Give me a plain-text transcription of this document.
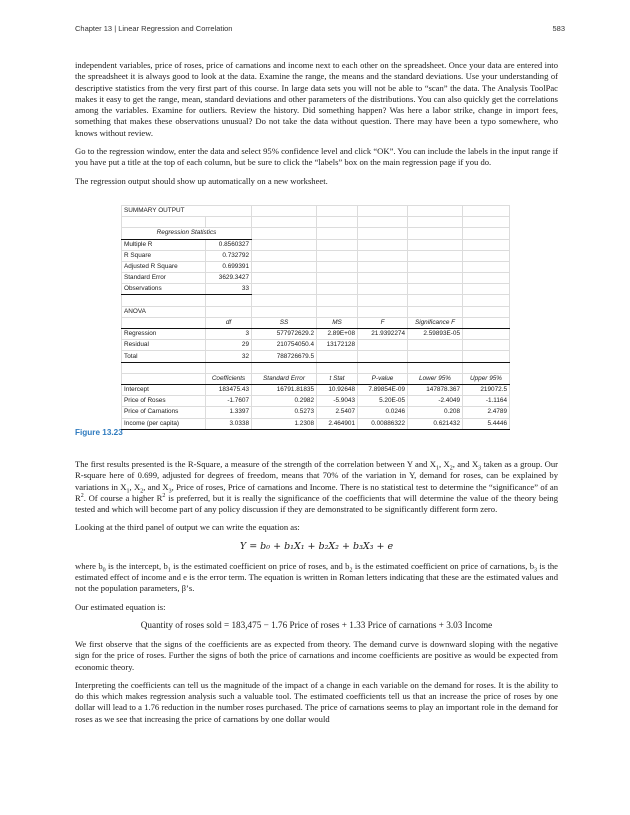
Chapter 13 | Linear Regression and Correlation	583

independent variables, price of roses, price of carnations and income next to each other on the spreadsheet. Once your data are entered into the spreadsheet it is always good to look at the data. Examine the range, the means and the standard deviations. Use your understanding of descriptive statistics from the very first part of this course. In large data sets you will not be able to “scan” the data. The Analysis ToolPac makes it easy to get the range, mean, standard deviations and other parameters of the distributions. You can also quickly get the correlations among the variables. Examine for outliers. Review the history. Did something happen? Was here a labor strike, change in import fees, something that makes these observations unusual? Do not take the data without question. There may have been a typo somewhere, who knows without review.

Go to the regression window, enter the data and select 95% confidence level and click “OK”. You can include the labels in the input range if you have put a title at the top of each column, but be sure to click the “labels” box on the main regression page if you do.

The regression output should show up automatically on a new worksheet.

SUMMARY OUTPUT						

Regression Statistics						
Multiple R	0.8560327					
R Square	0.732792					
Adjusted R Square	0.699391					
Standard Error	3629.3427					
Observations	33					

ANOVA						
	df	SS	MS	F	Significance F	
Regression	3	577972629.2	2.89E+08	21.9392274	2.59893E-05	
Residual	29	210754050.4	13172128			
Total	32	788726679.5				

	Coefficients	Standard Error	t Stat	P-value	Lower 95%	Upper 95%
Intercept	183475.43	16791.81835	10.92648	7.89854E-09	147878.367	219072.5
Price of Roses	-1.7607	0.2982	-5.9043	5.20E-05	-2.4049	-1.1164
Price of Carnations	1.3397	0.5273	2.5407	0.0246	0.208	2.4789
Income (per capita)	3.0338	1.2308	2.464901	0.00886322	0.621432	5.4446
Figure 13.23

The first results presented is the R-Square, a measure of the strength of the correlation between Y and $X_1$, $X_2$, and $X_3$ taken as a group. Our R-square here of 0.699, adjusted for degrees of freedom, means that 70% of the variation in Y, demand for roses, can be explained by variations in $X_1$, $X_2$, and $X_3$, Price of roses, Price of carnations and Income. There is no statistical test to determine the “significance” of an $R^2$. Of course a higher $R^2$ is preferred, but it is really the significance of the coefficients that will determine the value of the theory being tested and which will become part of any policy discussion if they are demonstrated to be significantly different form zero.

Looking at the third panel of output we can write the equation as:

Y = b₀ + b₁X₁ + b₂X₂ + b₃X₃ + e

where $b_0$ is the intercept, $b_1$ is the estimated coefficient on price of roses, and $b_2$ is the estimated coefficient on price of carnations, $b_3$ is the estimated effect of income and e is the error term. The equation is written in Roman letters indicating that these are the estimated values and not the population parameters, β’s.

Our estimated equation is:

Quantity of roses sold = 183,475 − 1.76 Price of roses + 1.33 Price of carnations + 3.03 Income

We first observe that the signs of the coefficients are as expected from theory. The demand curve is downward sloping with the negative sign for the price of roses. Further the signs of both the price of carnations and income coefficients are positive as would be expected from economic theory.

Interpreting the coefficients can tell us the magnitude of the impact of a change in each variable on the demand for roses. It is the ability to do this which makes regression analysis such a valuable tool. The estimated coefficients tell us that an increase the price of roses by one dollar will lead to a 1.76 reduction in the number roses purchased. The price of carnations seems to play an important role in the demand for roses as we see that increasing the price of carnations by one dollar would
